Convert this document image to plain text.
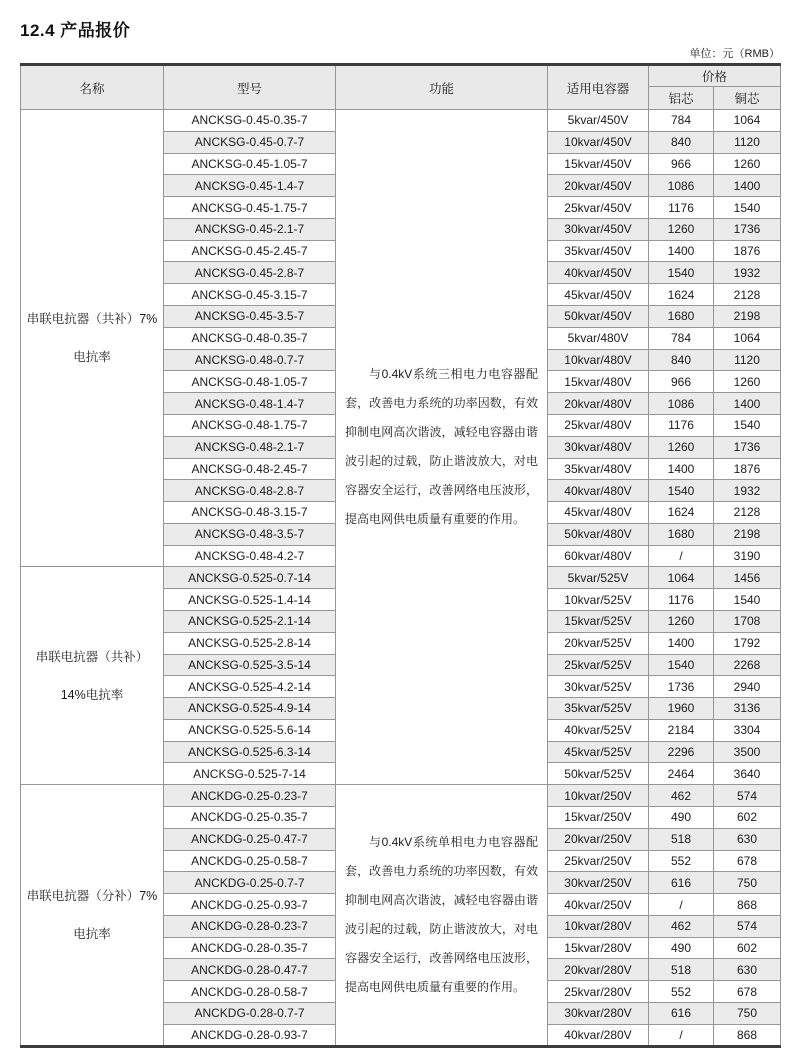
12.4 产品报价
单位：元（RMB）
名称	型号	功能	适用电容器	价格	
				铝芯	铜芯

串联电抗器（共补）7%
电抗率	ANCKSG-0.45-0.35-7	与0.4kV系统三相电力电容器配套，改善电力系统的功率因数，有效抑制电网高次谐波，减轻电容器由谐波引起的过载，防止谐波放大，对电容器安全运行，改善网络电压波形，提高电网供电质量有重要的作用。	5kvar/450V	784	1064
	ANCKSG-0.45-0.7-7		10kvar/450V	840	1120
	ANCKSG-0.45-1.05-7		15kvar/450V	966	1260
	ANCKSG-0.45-1.4-7		20kvar/450V	1086	1400
	ANCKSG-0.45-1.75-7		25kvar/450V	1176	1540
	ANCKSG-0.45-2.1-7		30kvar/450V	1260	1736
	ANCKSG-0.45-2.45-7		35kvar/450V	1400	1876
	ANCKSG-0.45-2.8-7		40kvar/450V	1540	1932
	ANCKSG-0.45-3.15-7		45kvar/450V	1624	2128
	ANCKSG-0.45-3.5-7		50kvar/450V	1680	2198
	ANCKSG-0.48-0.35-7		5kvar/480V	784	1064
	ANCKSG-0.48-0.7-7		10kvar/480V	840	1120
	ANCKSG-0.48-1.05-7		15kvar/480V	966	1260
	ANCKSG-0.48-1.4-7		20kvar/480V	1086	1400
	ANCKSG-0.48-1.75-7		25kvar/480V	1176	1540
	ANCKSG-0.48-2.1-7		30kvar/480V	1260	1736
	ANCKSG-0.48-2.45-7		35kvar/480V	1400	1876
	ANCKSG-0.48-2.8-7		40kvar/480V	1540	1932
	ANCKSG-0.48-3.15-7		45kvar/480V	1624	2128
	ANCKSG-0.48-3.5-7		50kvar/480V	1680	2198
	ANCKSG-0.48-4.2-7		60kvar/480V	/	3190

串联电抗器（共补）
14%电抗率	ANCKSG-0.525-0.7-14		5kvar/525V	1064	1456
	ANCKSG-0.525-1.4-14		10kvar/525V	1176	1540
	ANCKSG-0.525-2.1-14		15kvar/525V	1260	1708
	ANCKSG-0.525-2.8-14		20kvar/525V	1400	1792
	ANCKSG-0.525-3.5-14		25kvar/525V	1540	2268
	ANCKSG-0.525-4.2-14		30kvar/525V	1736	2940
	ANCKSG-0.525-4.9-14		35kvar/525V	1960	3136
	ANCKSG-0.525-5.6-14		40kvar/525V	2184	3304
	ANCKSG-0.525-6.3-14		45kvar/525V	2296	3500
	ANCKSG-0.525-7-14		50kvar/525V	2464	3640

串联电抗器（分补）7%
电抗率	ANCKDG-0.25-0.23-7	与0.4kV系统单相电力电容器配套，改善电力系统的功率因数，有效抑制电网高次谐波，减轻电容器由谐波引起的过载，防止谐波放大，对电容器安全运行，改善网络电压波形，提高电网供电质量有重要的作用。	10kvar/250V	462	574
	ANCKDG-0.25-0.35-7		15kvar/250V	490	602
	ANCKDG-0.25-0.47-7		20kvar/250V	518	630
	ANCKDG-0.25-0.58-7		25kvar/250V	552	678
	ANCKDG-0.25-0.7-7		30kvar/250V	616	750
	ANCKDG-0.25-0.93-7		40kvar/250V	/	868
	ANCKDG-0.28-0.23-7		10kvar/280V	462	574
	ANCKDG-0.28-0.35-7		15kvar/280V	490	602
	ANCKDG-0.28-0.47-7		20kvar/280V	518	630
	ANCKDG-0.28-0.58-7		25kvar/280V	552	678
	ANCKDG-0.28-0.7-7		30kvar/280V	616	750
	ANCKDG-0.28-0.93-7		40kvar/280V	/	868
